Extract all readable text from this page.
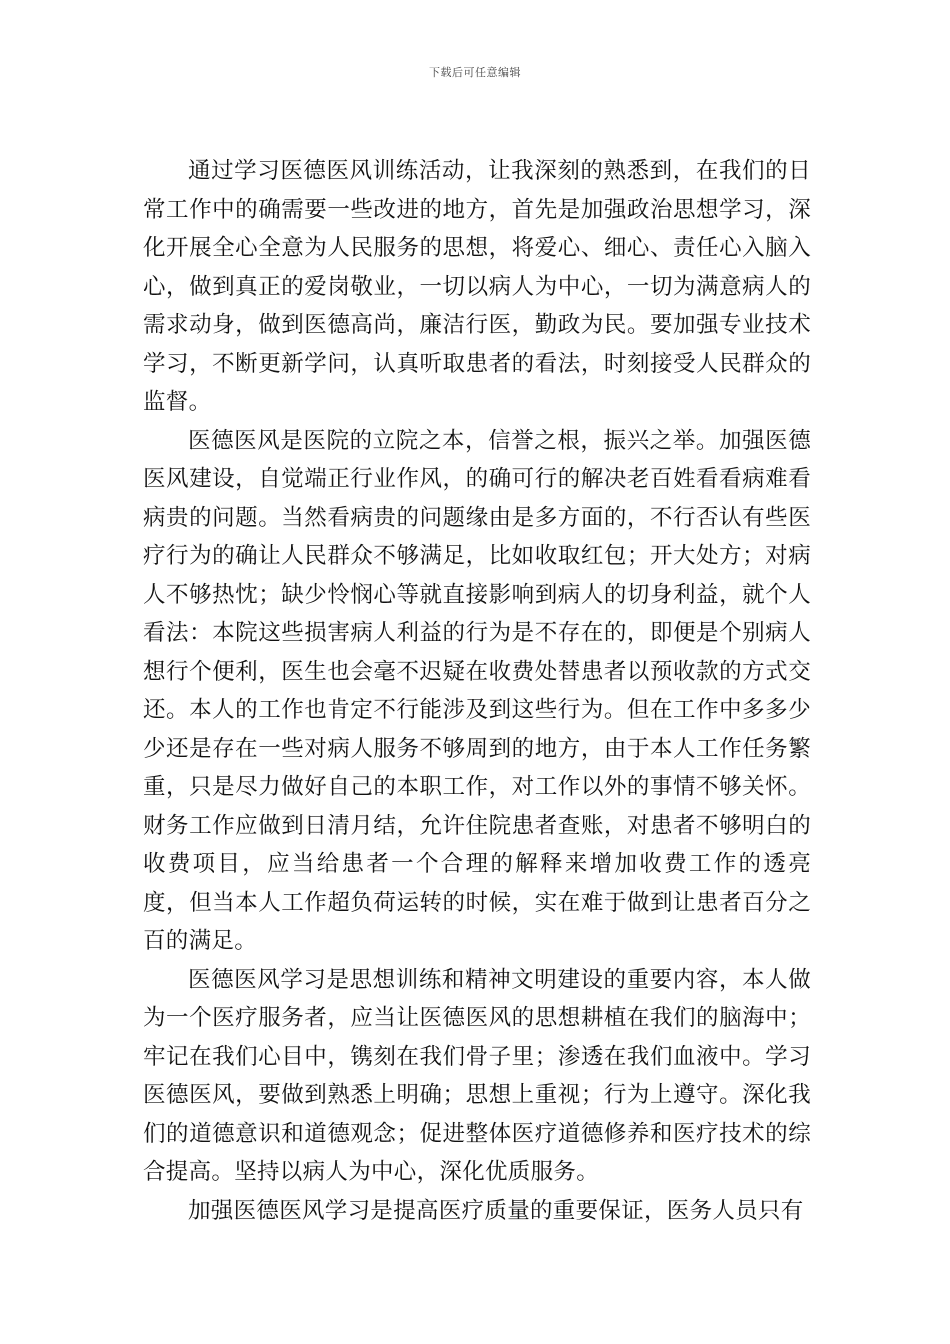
下载后可任意编辑

通过学习医德医风训练活动，让我深刻的熟悉到，在我们的日常工作中的确需要一些改进的地方，首先是加强政治思想学习，深化开展全心全意为人民服务的思想，将爱心、细心、责任心入脑入心，做到真正的爱岗敬业，一切以病人为中心，一切为满意病人的需求动身，做到医德高尚，廉洁行医，勤政为民。要加强专业技术学习，不断更新学问，认真听取患者的看法，时刻接受人民群众的监督。

医德医风是医院的立院之本，信誉之根，振兴之举。加强医德医风建设，自觉端正行业作风，的确可行的解决老百姓看看病难看病贵的问题。当然看病贵的问题缘由是多方面的，不行否认有些医疗行为的确让人民群众不够满足，比如收取红包；开大处方；对病人不够热忱；缺少怜悯心等就直接影响到病人的切身利益，就个人看法：本院这些损害病人利益的行为是不存在的，即便是个别病人想行个便利，医生也会毫不迟疑在收费处替患者以预收款的方式交还。本人的工作也肯定不行能涉及到这些行为。但在工作中多多少少还是存在一些对病人服务不够周到的地方，由于本人工作任务繁重，只是尽力做好自己的本职工作，对工作以外的事情不够关怀。财务工作应做到日清月结，允许住院患者查账，对患者不够明白的收费项目，应当给患者一个合理的解释来增加收费工作的透亮　度，但当本人工作超负荷运转的时候，实在难于做到让患者百分之百的满足。

医德医风学习是思想训练和精神文明建设的重要内容，本人做为一个医疗服务者，应当让医德医风的思想耕植在我们的脑海中；牢记在我们心目中，镌刻在我们骨子里；渗透在我们血液中。学习医德医风，要做到熟悉上明确；思想上重视；行为上遵守。深化我们的道德意识和道德观念；促进整体医疗道德修养和医疗技术的综合提高。坚持以病人为中心，深化优质服务。

加强医德医风学习是提高医疗质量的重要保证，医务人员只有
